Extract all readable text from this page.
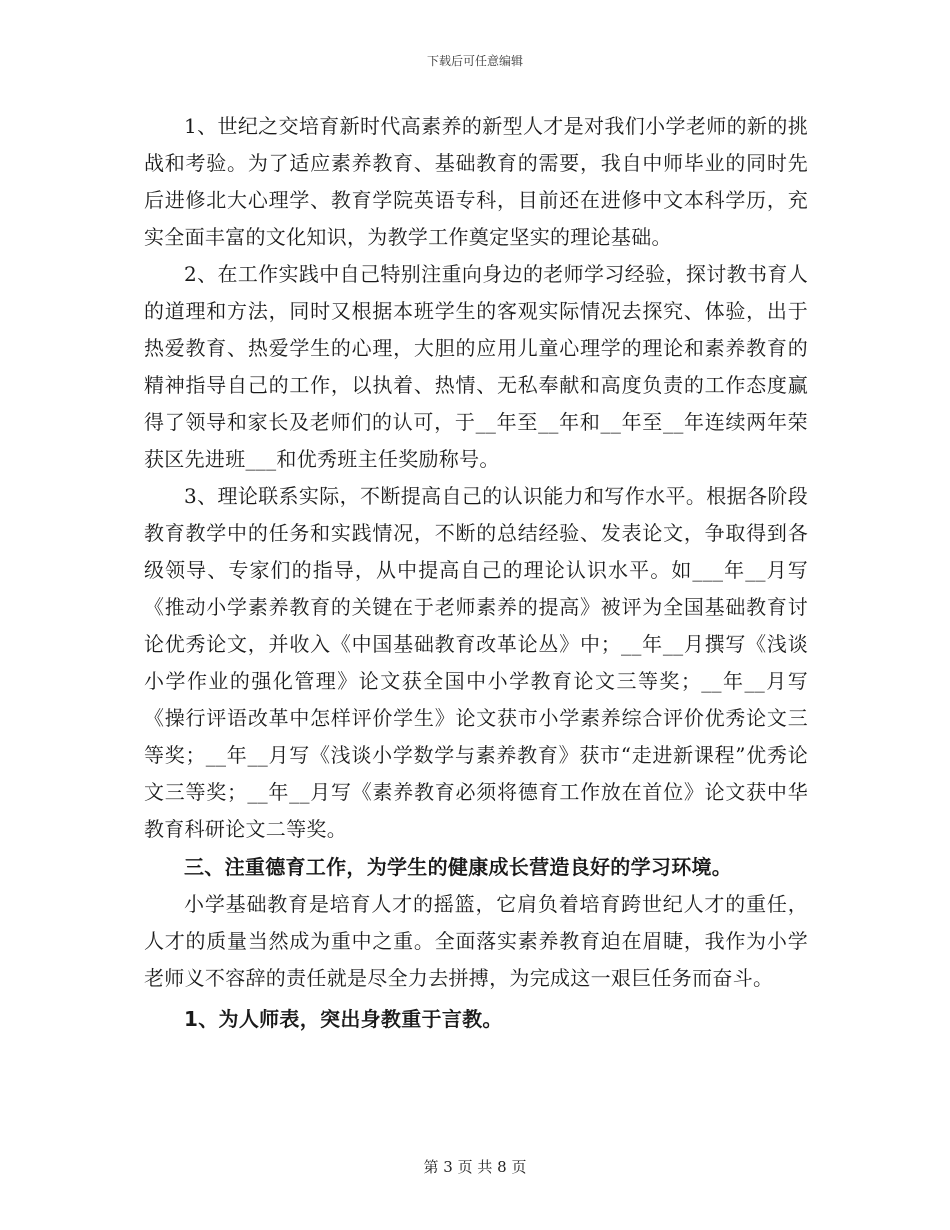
下载后可任意编辑

1、世纪之交培育新时代高素养的新型人才是对我们小学老师的新的挑战和考验。为了适应素养教育、基础教育的需要，我自中师毕业的同时先后进修北大心理学、教育学院英语专科，目前还在进修中文本科学历，充实全面丰富的文化知识，为教学工作奠定坚实的理论基础。

2、在工作实践中自己特别注重向身边的老师学习经验，探讨教书育人的道理和方法，同时又根据本班学生的客观实际情况去探究、体验，出于热爱教育、热爱学生的心理，大胆的应用儿童心理学的理论和素养教育的精神指导自己的工作，以执着、热情、无私奉献和高度负责的工作态度赢得了领导和家长及老师们的认可，于__年至__年和__年至__年连续两年荣获区先进班___和优秀班主任奖励称号。

3、理论联系实际，不断提高自己的认识能力和写作水平。根据各阶段教育教学中的任务和实践情况，不断的总结经验、发表论文，争取得到各级领导、专家们的指导，从中提高自己的理论认识水平。如___年__月写《推动小学素养教育的关键在于老师素养的提高》被评为全国基础教育讨论优秀论文，并收入《中国基础教育改革论丛》中；__年__月撰写《浅谈小学作业的强化管理》论文获全国中小学教育论文三等奖；__年__月写《操行评语改革中怎样评价学生》论文获市小学素养综合评价优秀论文三等奖；__年__月写《浅谈小学数学与素养教育》获市“走进新课程”优秀论文三等奖；__年__月写《素养教育必须将德育工作放在首位》论文获中华教育科研论文二等奖。

三、注重德育工作，为学生的健康成长营造良好的学习环境。

小学基础教育是培育人才的摇篮，它肩负着培育跨世纪人才的重任，人才的质量当然成为重中之重。全面落实素养教育迫在眉睫，我作为小学老师义不容辞的责任就是尽全力去拼搏，为完成这一艰巨任务而奋斗。

1、为人师表，突出身教重于言教。

第 3 页 共 8 页
